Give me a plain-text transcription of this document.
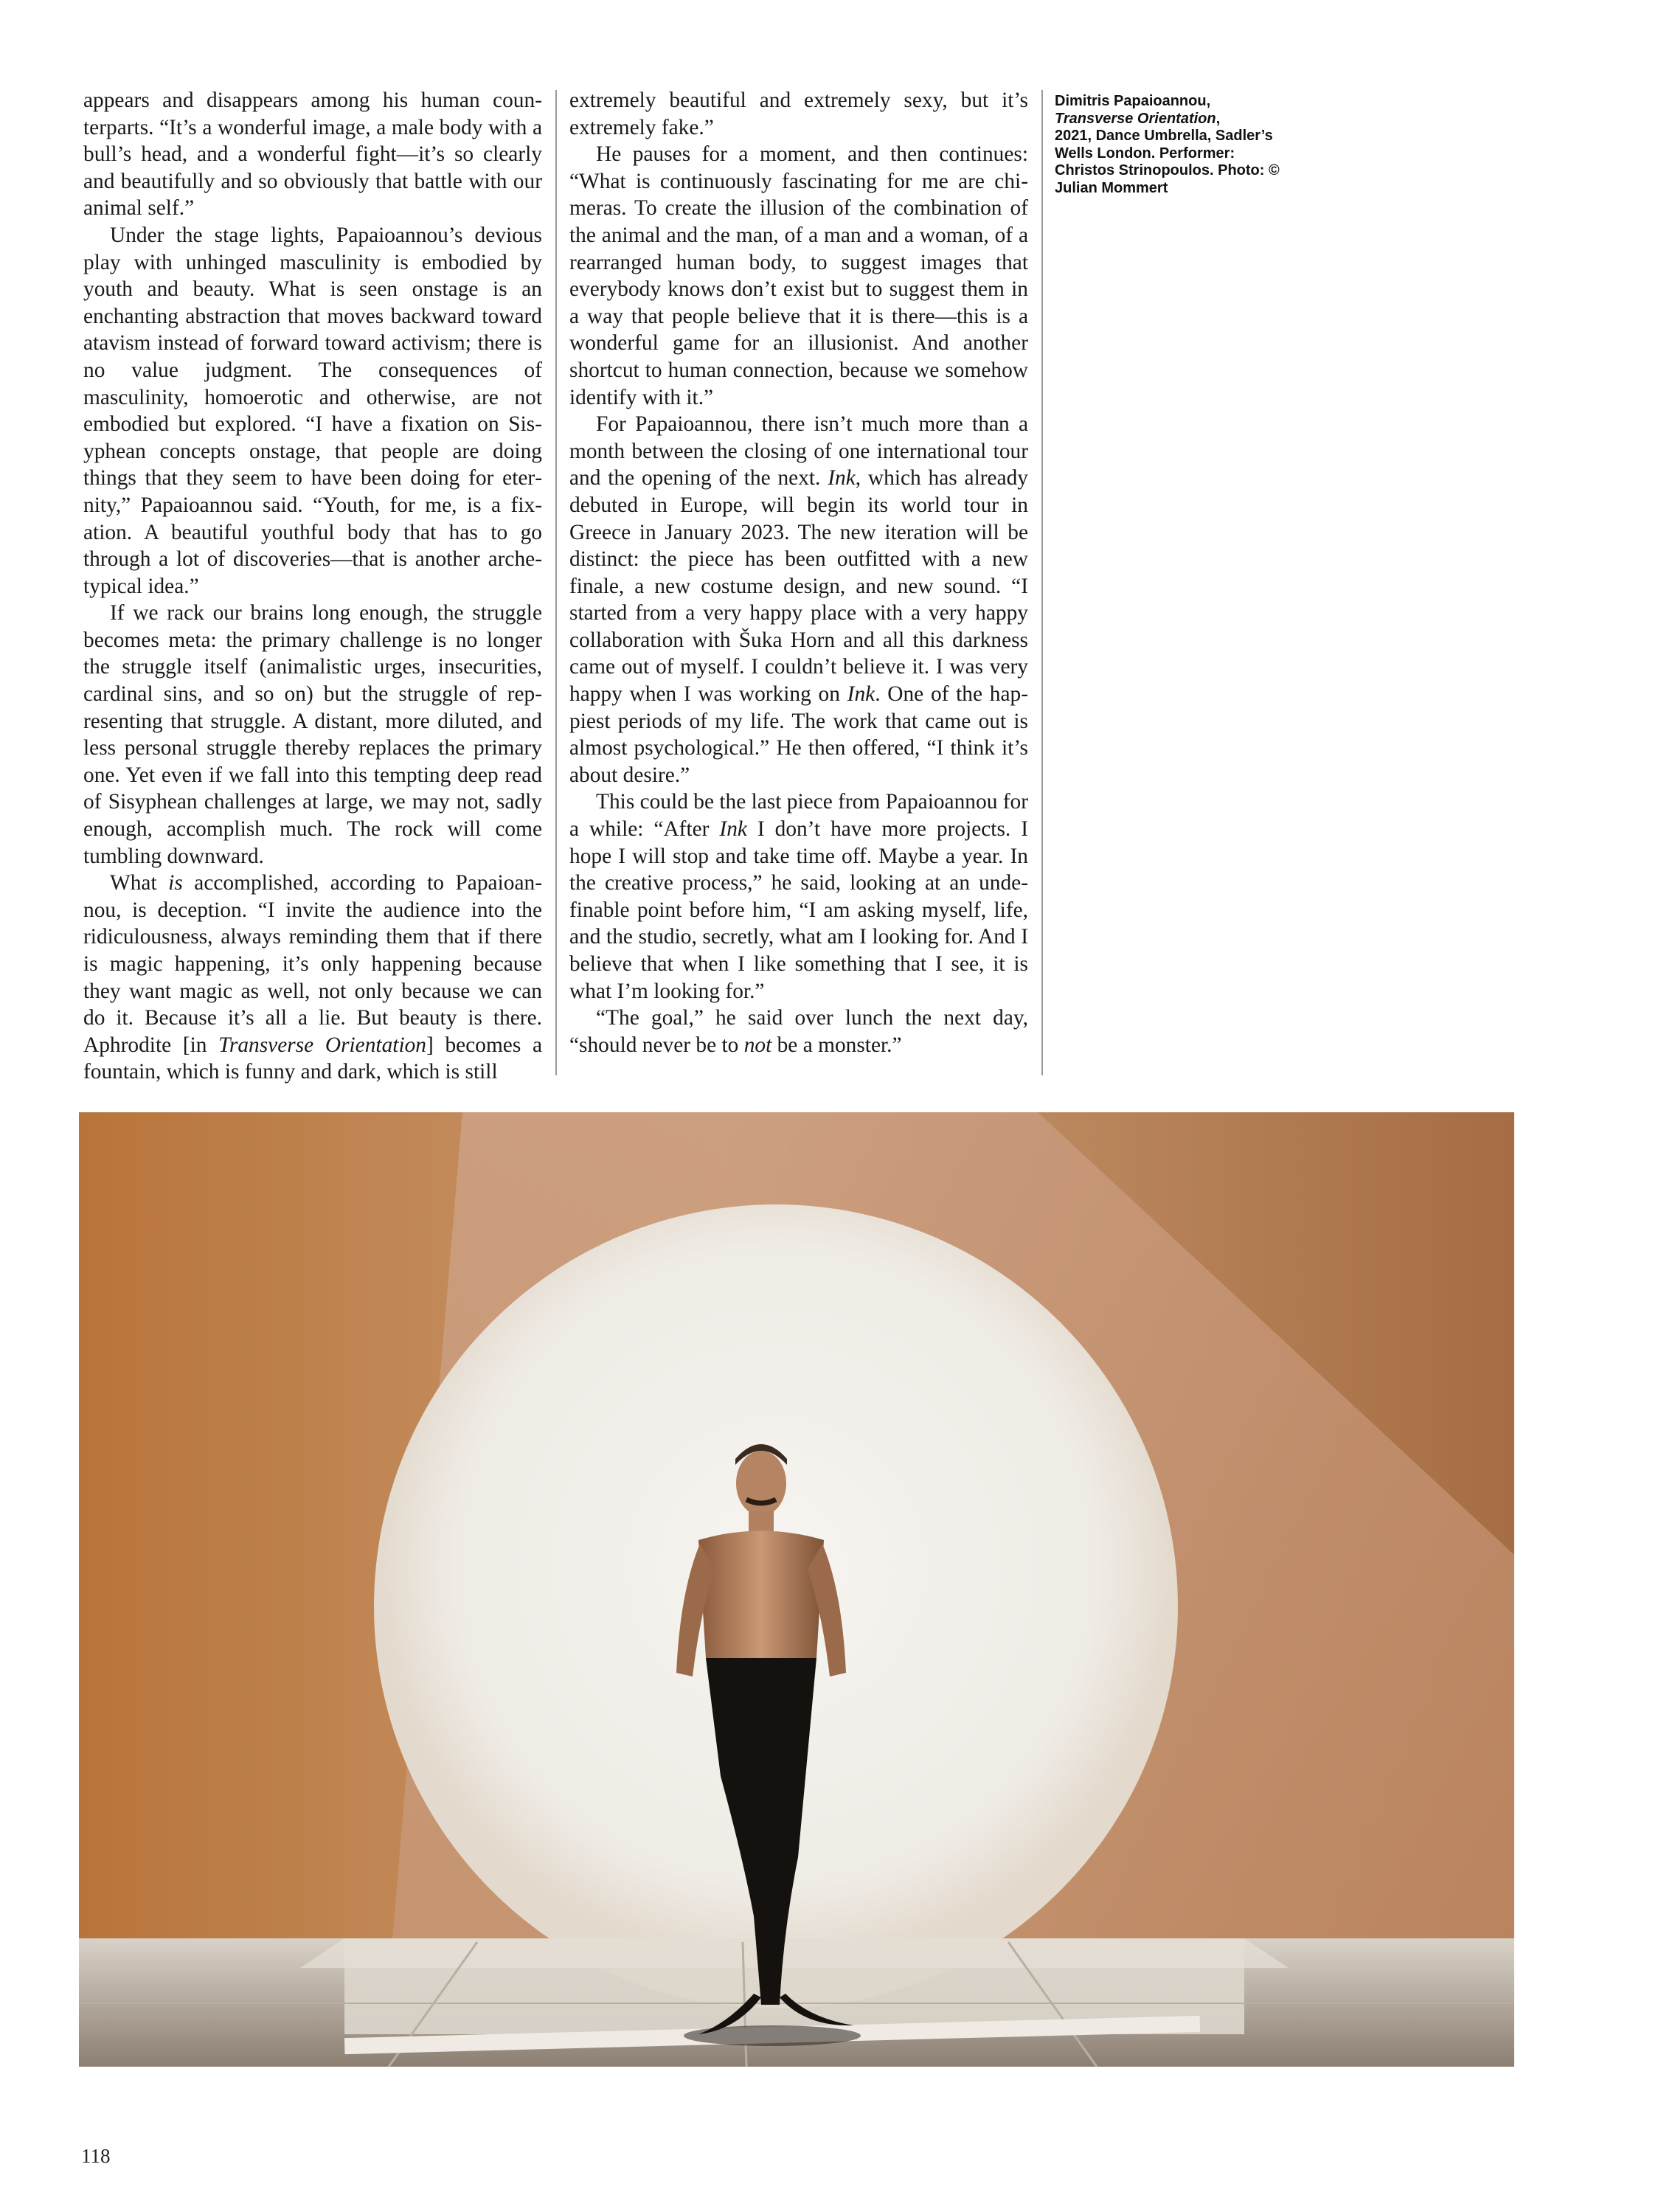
appears and disappears among his human counterparts. “It’s a wonderful image, a male body with a bull’s head, and a wonderful fight—it’s so clearly and beautifully and so obviously that battle with our animal self.”

Under the stage lights, Papaioannou’s devious play with unhinged masculinity is embodied by youth and beauty. What is seen onstage is an enchanting abstraction that moves backward toward atavism instead of forward toward activism; there is no value judgment. The consequences of masculinity, homoerotic and otherwise, are not embodied but explored. “I have a fixation on Sisyphean concepts onstage, that people are doing things that they seem to have been doing for eternity,” Papaioannou said. “Youth, for me, is a fixation. A beautiful youthful body that has to go through a lot of discoveries—that is another archetypical idea.”

If we rack our brains long enough, the struggle becomes meta: the primary challenge is no longer the struggle itself (animalistic urges, insecurities, cardinal sins, and so on) but the struggle of representing that struggle. A distant, more diluted, and less personal struggle thereby replaces the primary one. Yet even if we fall into this tempting deep read of Sisyphean challenges at large, we may not, sadly enough, accomplish much. The rock will come tumbling downward.

What is accomplished, according to Papaioannou, is deception. “I invite the audience into the ridiculousness, always reminding them that if there is magic happening, it’s only happening because they want magic as well, not only because we can do it. Because it’s all a lie. But beauty is there. Aphrodite [in Transverse Orientation] becomes a fountain, which is funny and dark, which is still

extremely beautiful and extremely sexy, but it’s extremely fake.”

He pauses for a moment, and then continues: “What is continuously fascinating for me are chimeras. To create the illusion of the combination of the animal and the man, of a man and a woman, of a rearranged human body, to suggest images that everybody knows don’t exist but to suggest them in a way that people believe that it is there—this is a wonderful game for an illusionist. And another shortcut to human connection, because we somehow identify with it.”

For Papaioannou, there isn’t much more than a month between the closing of one international tour and the opening of the next. Ink, which has already debuted in Europe, will begin its world tour in Greece in January 2023. The new iteration will be distinct: the piece has been outfitted with a new finale, a new costume design, and new sound. “I started from a very happy place with a very happy collaboration with Šuka Horn and all this darkness came out of myself. I couldn’t believe it. I was very happy when I was working on Ink. One of the happiest periods of my life. The work that came out is almost psychological.” He then offered, “I think it’s about desire.”

This could be the last piece from Papaioannou for a while: “After Ink I don’t have more projects. I hope I will stop and take time off. Maybe a year. In the creative process,” he said, looking at an undefinable point before him, “I am asking myself, life, and the studio, secretly, what am I looking for. And I believe that when I like something that I see, it is what I’m looking for.”

“The goal,” he said over lunch the next day, “should never be to not be a monster.”

Dimitris Papaioannou,
Transverse Orientation,
2021, Dance Umbrella, Sadler’s Wells London. Performer: Christos Strinopoulos. Photo: © Julian Mommert
118
